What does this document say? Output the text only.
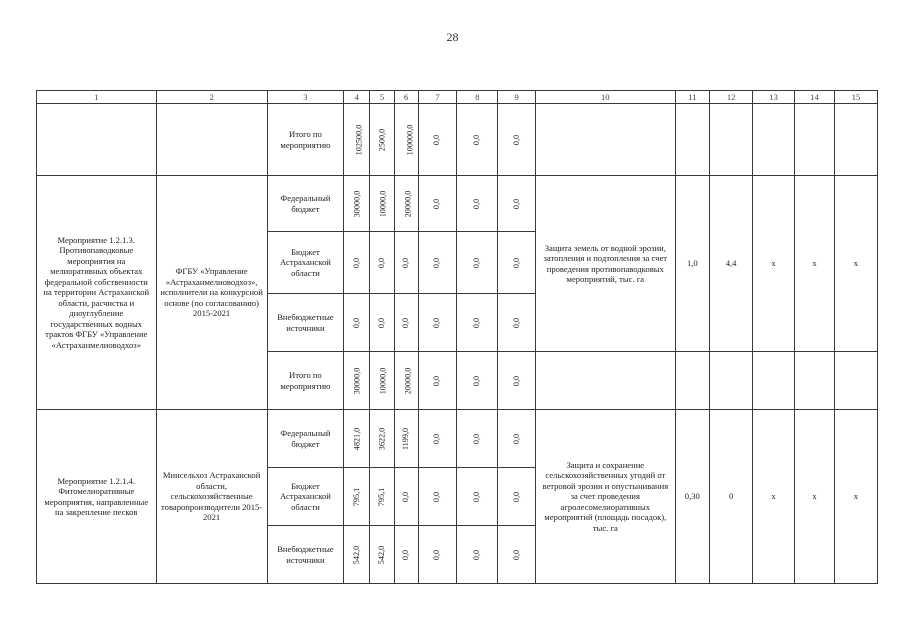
28
1	2	3	4	5	6	7	8	9	10	11	12	13	14	15

		Итого по мероприятию	102500,0	2500,0	100000,0	0,0	0,0	0,0						

Мероприятие 1.2.1.3. Противопаводковые мероприятия на мелиоративных объектах федеральной собственности на территории Астраханской области, расчистка и дноуглубление государственных водных трактов ФГБУ «Управление «Астраханмелиоводхоз»	ФГБУ «Управление «Астраханмелиоводхоз», исполнители на конкурсной основе (по согласованию) 2015-2021	Федеральный бюджет	30000,0	10000,0	20000,0	0,0	0,0	0,0	Защита земель от водной эрозии, затопления и подтопления за счет проведения противопаводковых мероприятий, тыс. га	1,0	4,4	x	x	x

		Бюджет Астраханской области	0,0	0,0	0,0	0,0	0,0	0,0						

		Внебюджетные источники	0,0	0,0	0,0	0,0	0,0	0,0						

		Итого по мероприятию	30000,0	10000,0	20000,0	0,0	0,0	0,0						

Мероприятие 1.2.1.4. Фитомелиоративные мероприятия, направленные на закрепление песков	Минсельхоз Астраханской области, сельскохозяйственные товаропроизводители 2015-2021	Федеральный бюджет	4821,0	3622,0	1199,0	0,0	0,0	0,0	Защита и сохранение сельскохозяйственных угодий от ветровой эрозии и опустынивания за счет проведения агролесомелиоративных мероприятий (площадь посадок), тыс. га	0,30	0	x	x	x

		Бюджет Астраханской области	795,1	795,1	0,0	0,0	0,0	0,0						

		Внебюджетные источники	542,0	542,0	0,0	0,0	0,0	0,0						
